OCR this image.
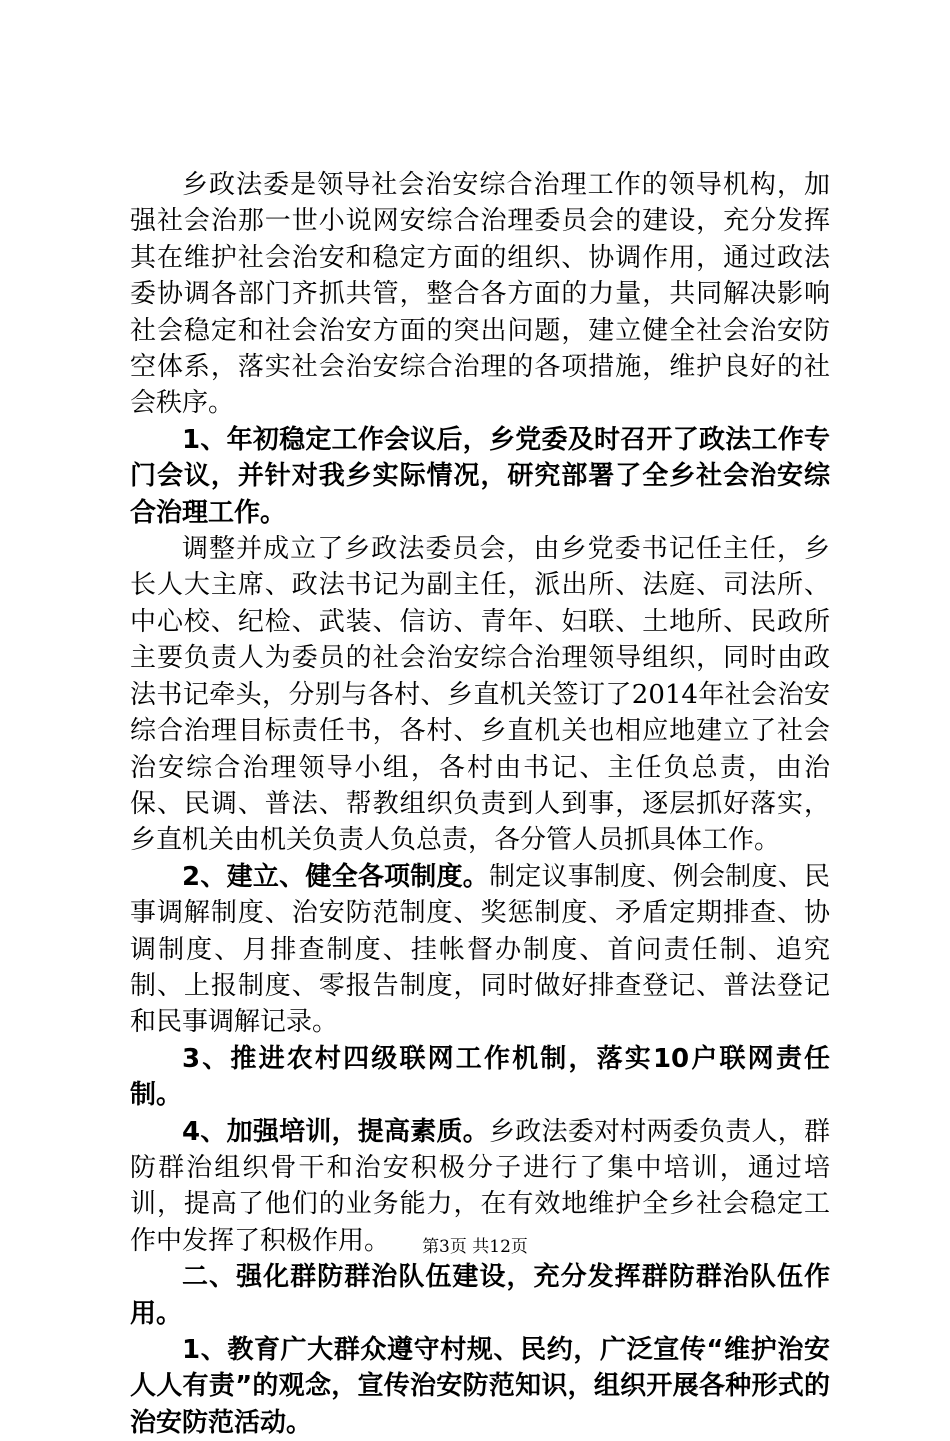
乡政法委是领导社会治安综合治理工作的领导机构，加强社会治那一世小说网安综合治理委员会的建设，充分发挥其在维护社会治安和稳定方面的组织、协调作用，通过政法委协调各部门齐抓共管，整合各方面的力量，共同解决影响社会稳定和社会治安方面的突出问题，建立健全社会治安防空体系，落实社会治安综合治理的各项措施，维护良好的社会秩序。

1、年初稳定工作会议后，乡党委及时召开了政法工作专门会议，并针对我乡实际情况，研究部署了全乡社会治安综合治理工作。

调整并成立了乡政法委员会，由乡党委书记任主任，乡长人大主席、政法书记为副主任，派出所、法庭、司法所、中心校、纪检、武装、信访、青年、妇联、土地所、民政所主要负责人为委员的社会治安综合治理领导组织，同时由政法书记牵头，分别与各村、乡直机关签订了2014年社会治安综合治理目标责任书，各村、乡直机关也相应地建立了社会治安综合治理领导小组，各村由书记、主任负总责，由治保、民调、普法、帮教组织负责到人到事，逐层抓好落实，乡直机关由机关负责人负总责，各分管人员抓具体工作。

2、建立、健全各项制度。制定议事制度、例会制度、民事调解制度、治安防范制度、奖惩制度、矛盾定期排查、协调制度、月排查制度、挂帐督办制度、首问责任制、追究制、上报制度、零报告制度，同时做好排查登记、普法登记和民事调解记录。

3、推进农村四级联网工作机制，落实10户联网责任制。

4、加强培训，提高素质。乡政法委对村两委负责人，群防群治组织骨干和治安积极分子进行了集中培训，通过培训，提高了他们的业务能力，在有效地维护全乡社会稳定工作中发挥了积极作用。

二、强化群防群治队伍建设，充分发挥群防群治队伍作用。

1、教育广大群众遵守村规、民约，广泛宣传“维护治安人人有责”的观念，宣传治安防范知识，组织开展各种形式的治安防范活动。

第3页 共12页
